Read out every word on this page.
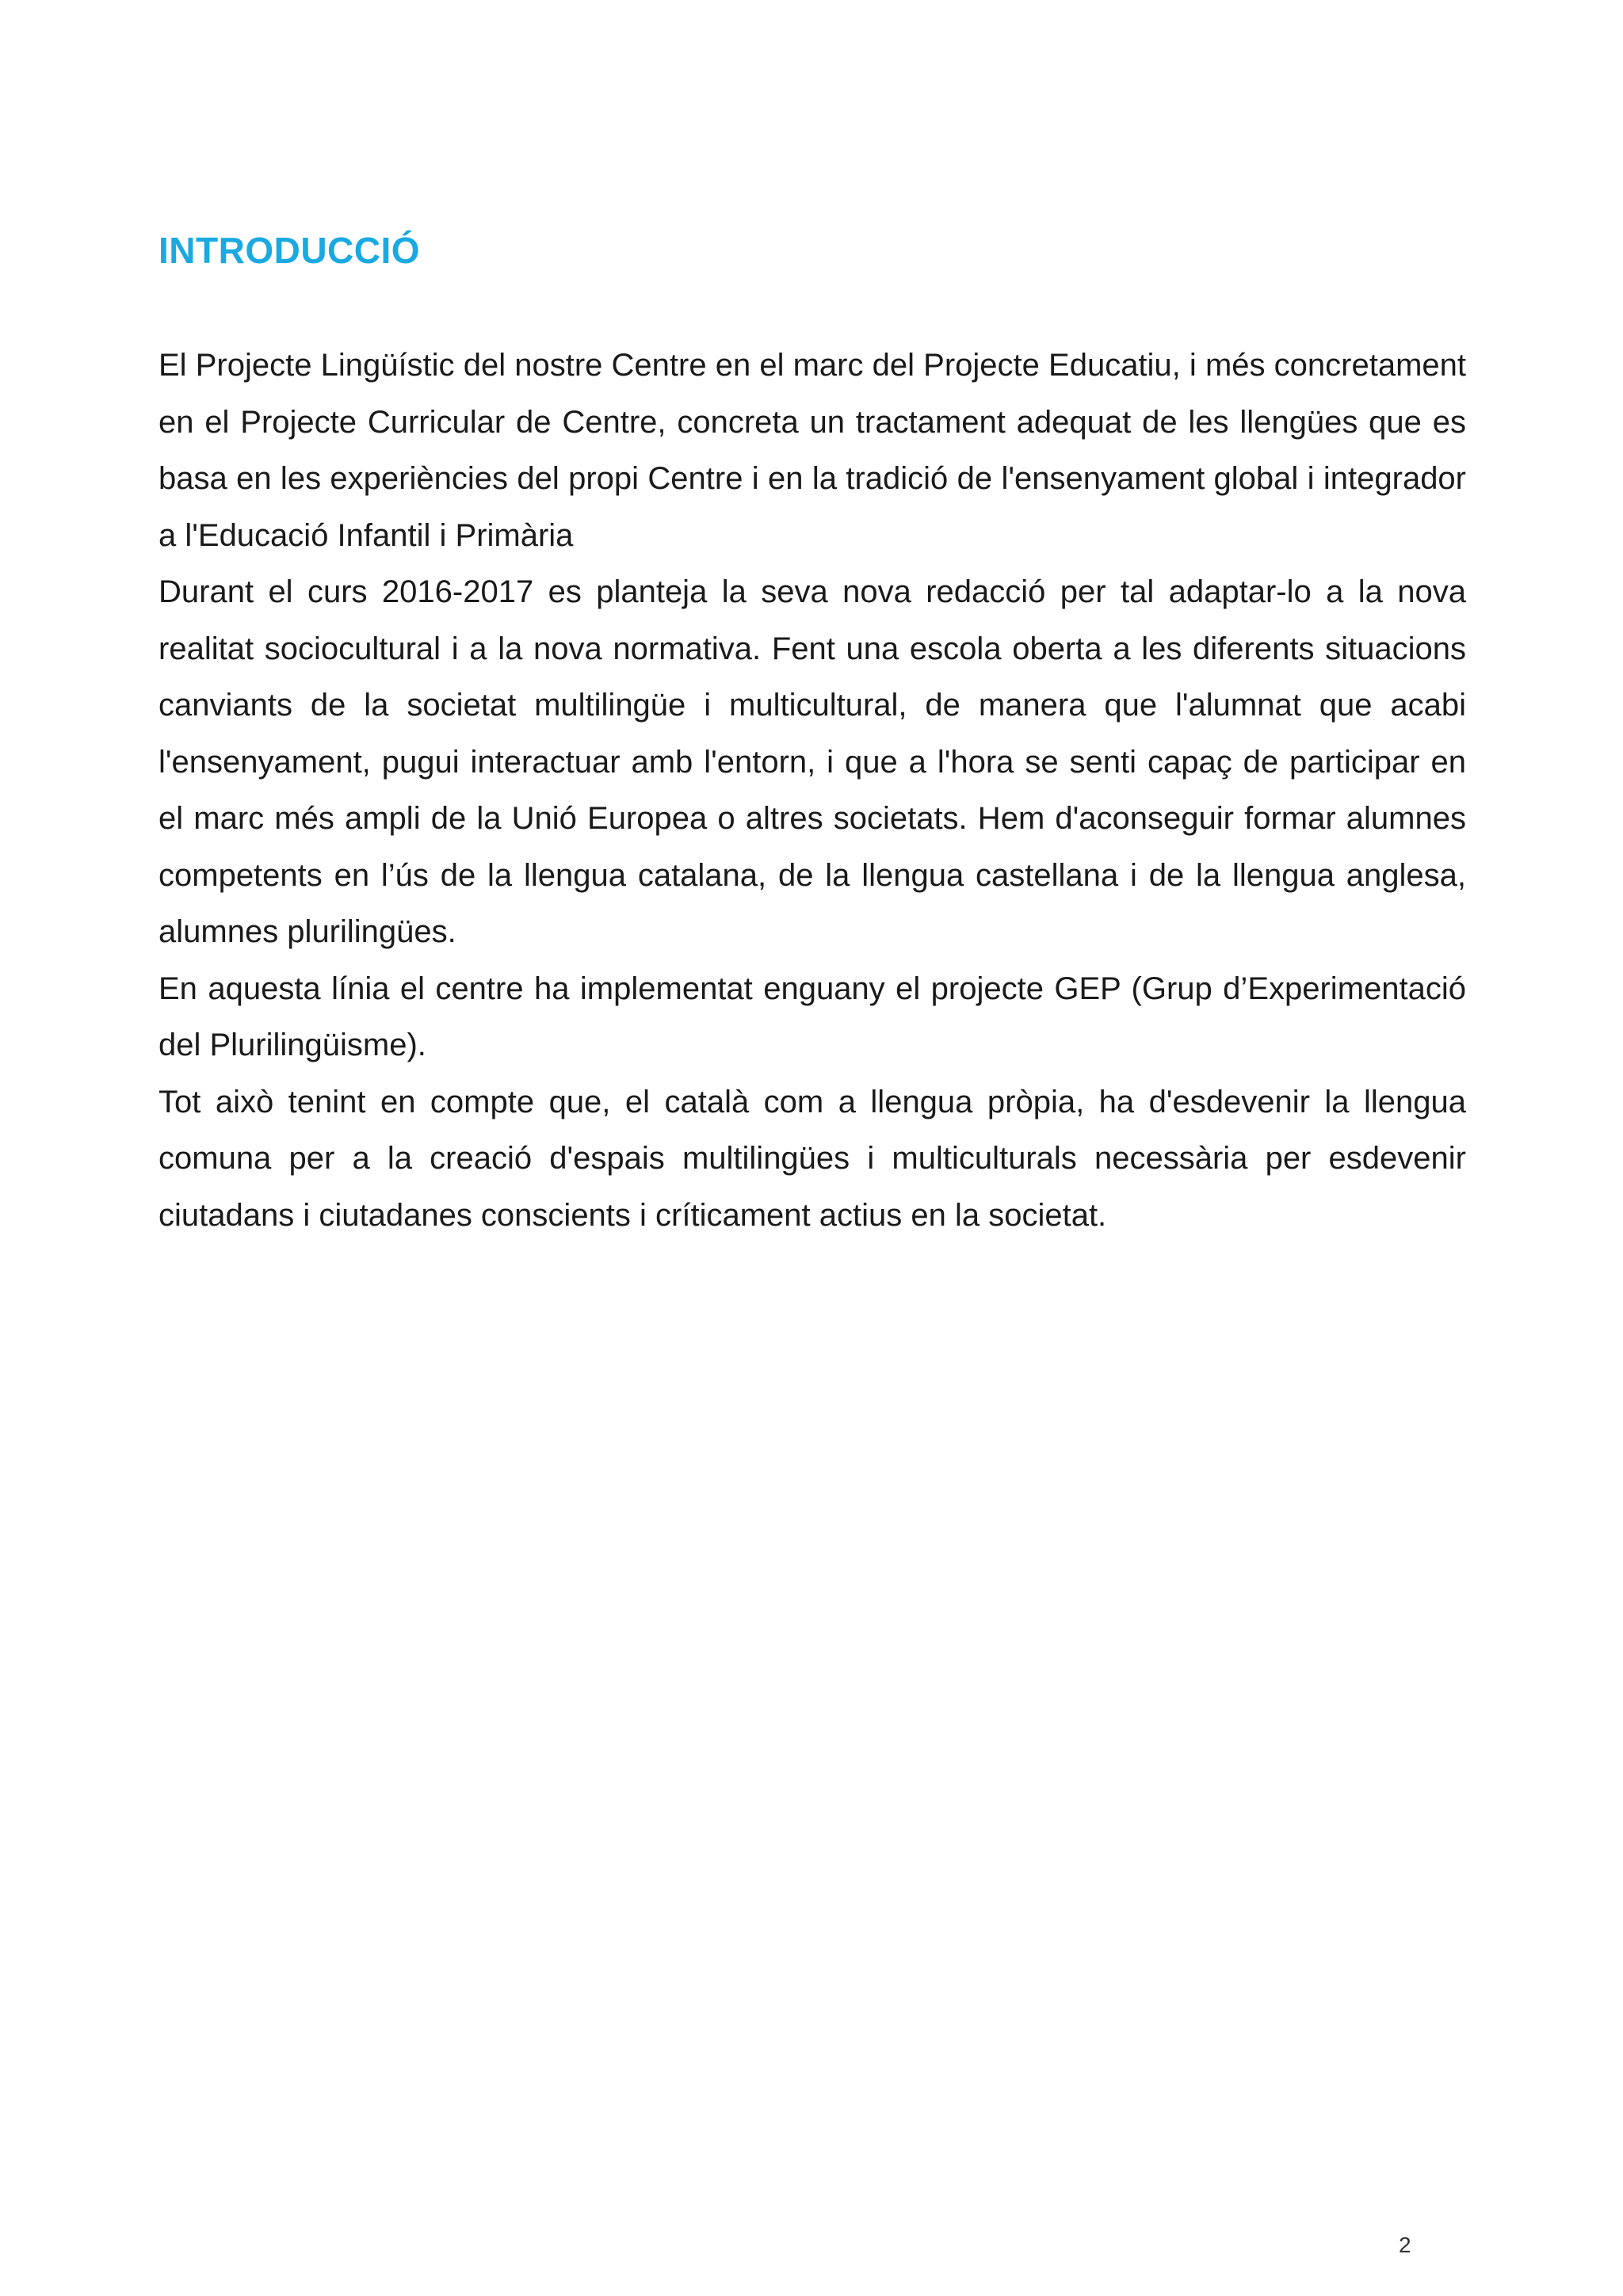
INTRODUCCIÓ

El Projecte Lingüístic del nostre Centre en el marc del Projecte Educatiu, i més concretament en el Projecte Curricular de Centre, concreta un tractament adequat de les llengües que es basa en les experiències del propi Centre i en la tradició de l'ensenyament global i integrador a l'Educació Infantil i Primària

Durant el curs 2016-2017 es planteja la seva nova redacció per tal adaptar-lo a la nova realitat sociocultural i a la nova normativa. Fent una escola oberta a les diferents situacions canviants de la societat multilingüe i multicultural, de manera que l'alumnat que acabi l'ensenyament, pugui interactuar amb l'entorn, i que a l'hora se senti capaç de participar en el marc més ampli de la Unió Europea o altres societats. Hem d'aconseguir formar alumnes competents en l’ús de la llengua catalana, de la llengua castellana i de la llengua anglesa, alumnes plurilingües.

En aquesta línia el centre ha implementat enguany el projecte GEP (Grup d’Experimentació del Plurilingüisme).

Tot això tenint en compte que, el català com a llengua pròpia, ha d'esdevenir la llengua comuna per a la creació d'espais multilingües i multiculturals necessària per esdevenir ciutadans i ciutadanes conscients i críticament actius en la societat.

2
